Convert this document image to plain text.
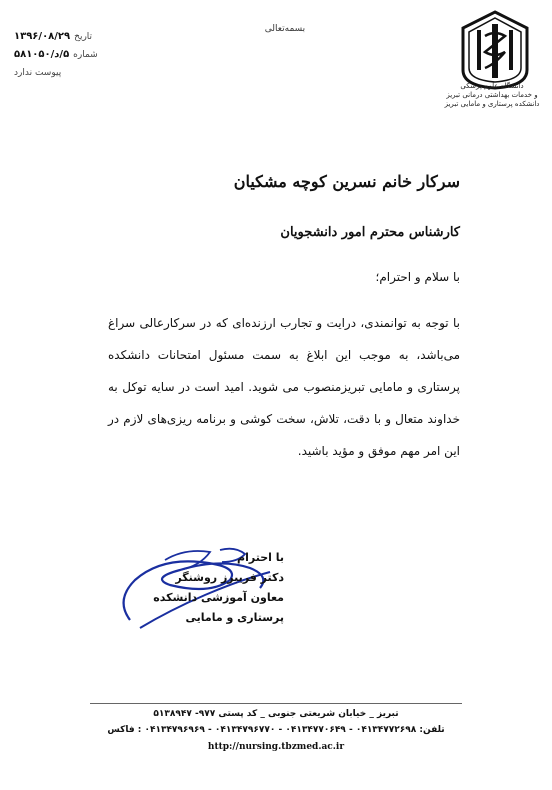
تاریخ
۱۳۹۶/۰۸/۲۹
شماره
۵/د/۵۸۱۰۵۰
پیوست ندارد
بسمه‌تعالی
دانشگاه علوم پزشکی
و خدمات بهداشتی درمانی تبریز
دانشکده پرستاری و مامایی تبریز
سرکار خانم نسرین کوچه مشکیان
کارشناس محترم امور دانشجویان
با سلام و احترام؛
با توجه به توانمندی، درایت و تجارب ارزنده‌ای که در سرکارعالی سراغ می‌باشد، به موجب این ابلاغ به سمت مسئول امتحانات دانشکده پرستاری و مامایی تبریزمنصوب می شوید. امید است در سایه توکل به خداوند متعال و با دقت، تلاش، سخت کوشی و برنامه ریزی‌های لازم در این امر مهم موفق و مؤید باشید.
با احترام
دکتر فریبرز روشنگر
معاون آموزشی دانشکده
پرستاری و مامایی
تبریز _ خیابان شریعتی جنوبی _ کد پستی ۹۷۷- ۵۱۳۸۹۴۷
تلفن: ۰۴۱۳۴۷۷۲۶۹۸ - ۰۴۱۳۴۷۷۰۶۴۹ - ۰۴۱۳۴۷۹۶۷۷۰ - ۰۴۱۳۴۷۹۶۹۶۹ : فاکس
http://nursing.tbzmed.ac.ir
